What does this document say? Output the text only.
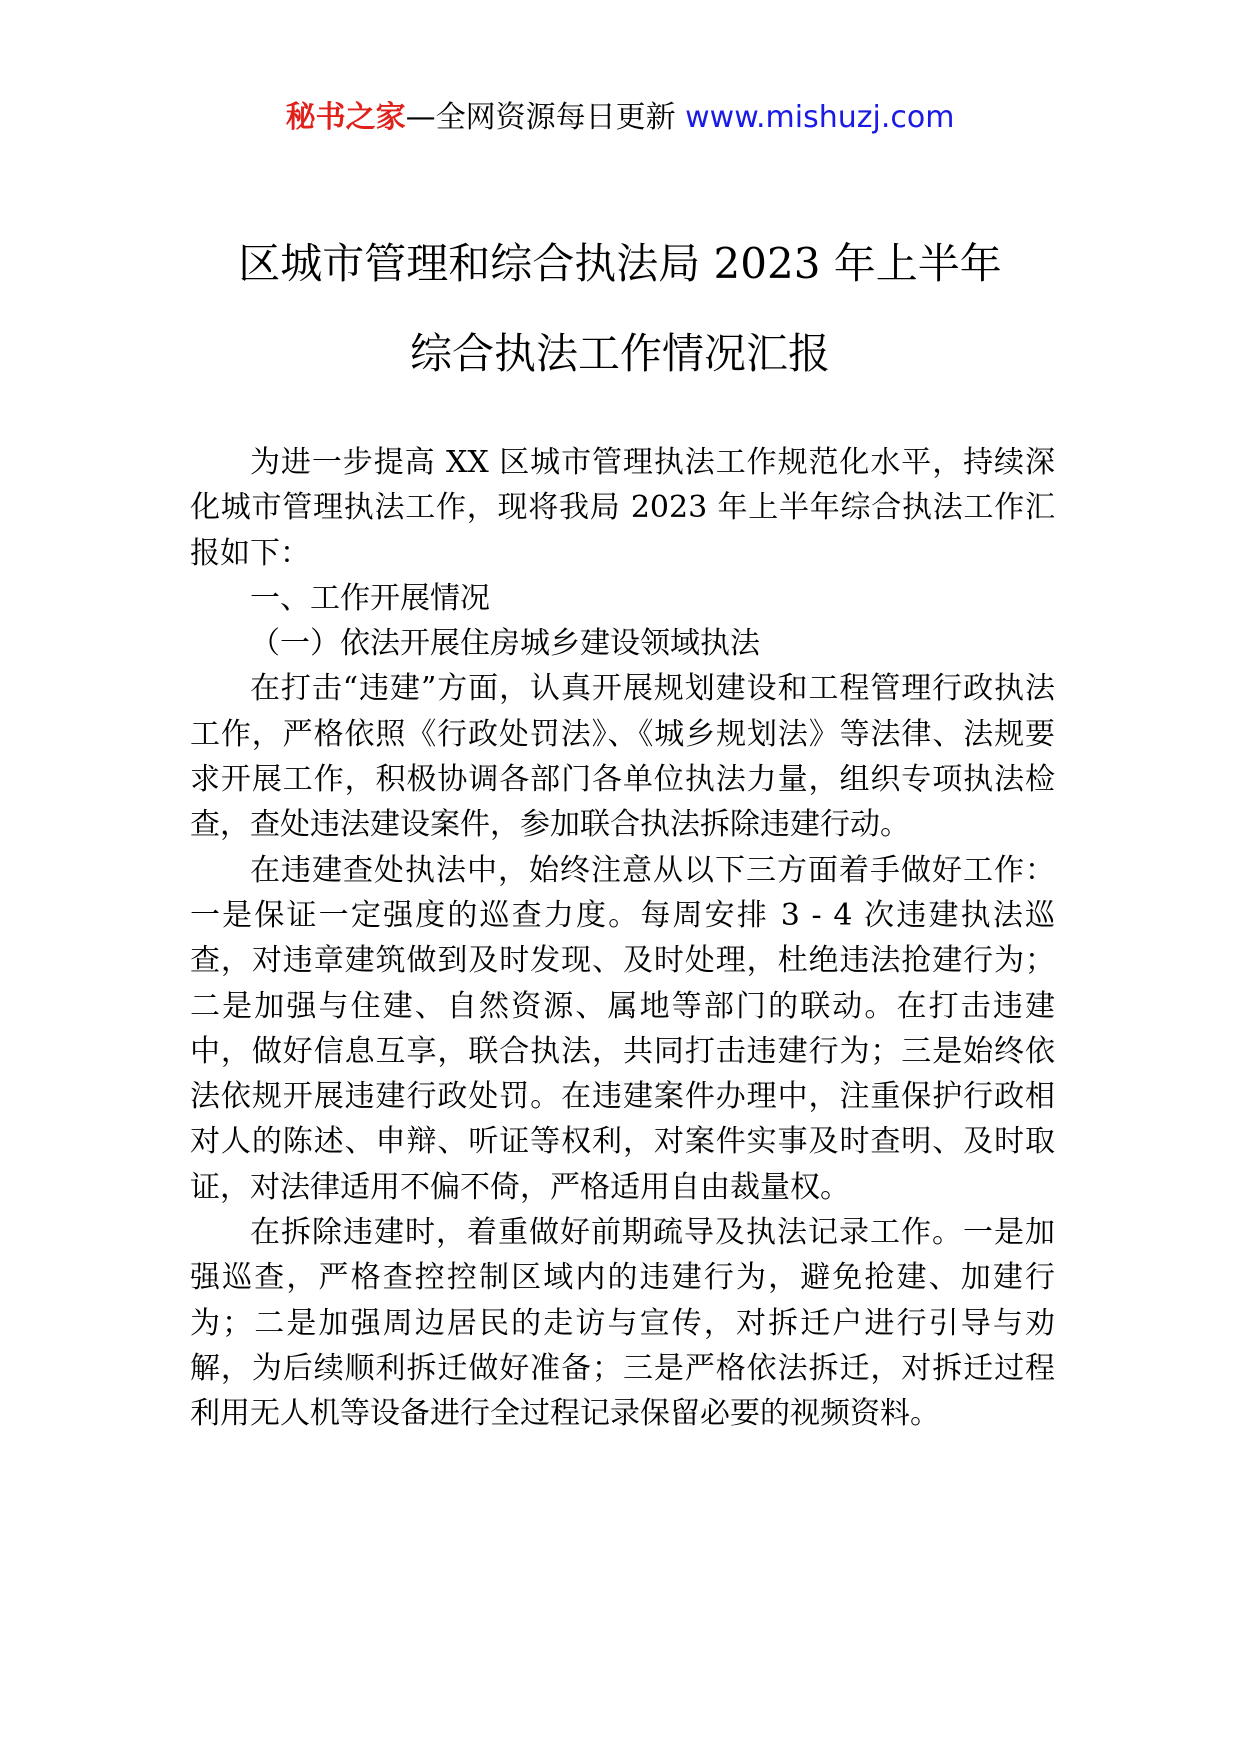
秘书之家—全网资源每日更新 www.mishuzj.com
区城市管理和综合执法局 2023 年上半年
综合执法工作情况汇报

为进一步提高 XX 区城市管理执法工作规范化水平，持续深化城市管理执法工作，现将我局 2023 年上半年综合执法工作汇报如下：

一、工作开展情况

（一）依法开展住房城乡建设领域执法

在打击“违建”方面，认真开展规划建设和工程管理行政执法工作，严格依照《行政处罚法》、《城乡规划法》等法律、法规要求开展工作，积极协调各部门各单位执法力量，组织专项执法检查，查处违法建设案件，参加联合执法拆除违建行动。

在违建查处执法中，始终注意从以下三方面着手做好工作：一是保证一定强度的巡查力度。每周安排 3 - 4 次违建执法巡查，对违章建筑做到及时发现、及时处理，杜绝违法抢建行为；二是加强与住建、自然资源、属地等部门的联动。在打击违建中，做好信息互享，联合执法，共同打击违建行为；三是始终依法依规开展违建行政处罚。在违建案件办理中，注重保护行政相对人的陈述、申辩、听证等权利，对案件实事及时查明、及时取证，对法律适用不偏不倚，严格适用自由裁量权。

在拆除违建时，着重做好前期疏导及执法记录工作。一是加强巡查，严格查控控制区域内的违建行为，避免抢建、加建行为；二是加强周边居民的走访与宣传，对拆迁户进行引导与劝解，为后续顺利拆迁做好准备；三是严格依法拆迁，对拆迁过程利用无人机等设备进行全过程记录保留必要的视频资料。
